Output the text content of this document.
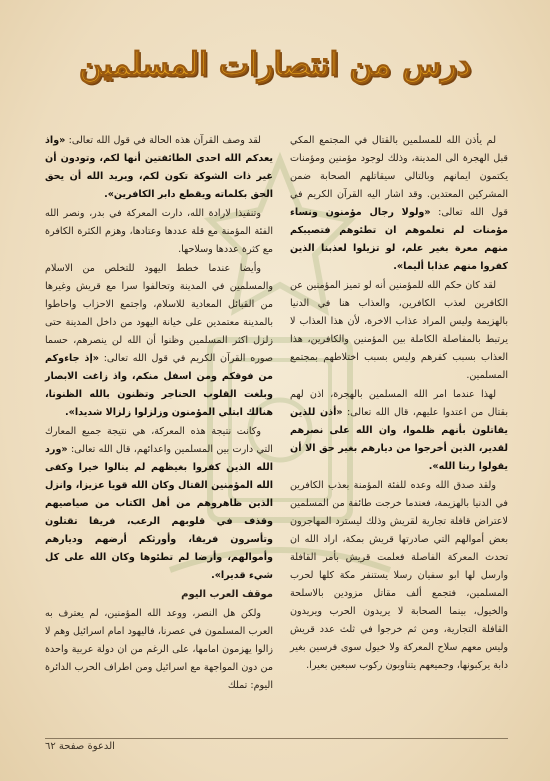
درس من انتصارات المسلمين

لم يأذن الله للمسلمين بالقتال في المجتمع المكي قبل الهجرة الى المدينة، وذلك لوجود مؤمنين ومؤمنات يكتمون ايمانهم وبالتالي سيقاتلهم الصحابة ضمن المشركين المعتدين. وقد اشار اليه القرآن الكريم في قول الله تعالى: «ولولا رجال مؤمنون ونساء مؤمنات لم تعلموهم ان تطئوهم فتصيبكم منهم معرة بغير علم، لو تزيلوا لعذبنا الذين كفروا منهم عذابا أليما».

لقد كان حكم الله للمؤمنين أنه لو تميز المؤمنين عن الكافرين لعذب الكافرين، والعذاب هنا في الدنيا بالهزيمة وليس المراد عذاب الاخرة، لأن هذا العذاب لا يرتبط بالمفاصلة الكاملة بين المؤمنين والكافرين، هذا العذاب بسبب كفرهم وليس بسبب اختلاطهم بمجتمع المسلمين.

لهذا عندما امر الله المسلمين بالهجرة، اذن لهم بقتال من اعتدوا عليهم، قال الله تعالى: «أذن للذين يقاتلون بأنهم ظلموا، وان الله على نصرهم لقدير، الذين أخرجوا من ديارهم بغير حق الا أن يقولوا ربنا الله».

ولقد صدق الله وعده للفئة المؤمنة بعذب الكافرين في الدنيا بالهزيمة، فعندما خرجت طائفة من المسلمين لاعتراض قافلة تجارية لقريش وذلك ليسترد المهاجرون بعض أموالهم التي صادرتها قريش بمكة، اراد الله ان تحدث المعركة الفاصلة فعلمت قريش بأمر القافلة وارسل لها ابو سفيان رسلا يستنفر مكة كلها لحرب المسلمين، فتجمع ألف مقاتل مزودين بالاسلحة والخيول، بينما الصحابة لا يريدون الحرب ويريدون القافلة التجارية، ومن ثم خرجوا في ثلث عدد قريش وليس معهم سلاح المعركة ولا خيول سوى فرسين بغير دابة يركبونها، وجميعهم يتناوبون ركوب سبعين بعيرا.

لقد وصف القرآن هذه الحالة في قول الله تعالى: «واذ يعدكم الله احدى الطائفتين أنها لكم، وتودون أن غير ذات الشوكة تكون لكم، ويريد الله أن يحق الحق بكلماته ويقطع دابر الكافرين».

وتنفيذا لارادة الله، دارت المعركة في بدر، ونصر الله الفئة المؤمنة مع قلة عددها وعتادها، وهزم الكثرة الكافرة مع كثرة عددها وسلاحها.

وأيضا عندما خطط اليهود للتخلص من الاسلام والمسلمين في المدينة وتحالفوا سرا مع قريش وغيرها من القبائل المعادية للاسلام، واجتمع الاحزاب واحاطوا بالمدينة معتمدين على خيانة اليهود من داخل المدينة حتى زلزل اكثر المسلمين وظنوا أن الله لن ينصرهم، حسما صوره القرآن الكريم في قول الله تعالى: «إذ جاءوكم من فوقكم ومن اسفل منكم، واذ زاغت الابصار وبلغت القلوب الحناجر وتظنون بالله الظنونا، هنالك ابتلي المؤمنون وزلزلوا زلزالا شديدا».

وكانت نتيجة هذه المعركة، هي نتيجة جميع المعارك التي دارت بين المسلمين واعدائهم، قال الله تعالى: «ورد الله الذين كفروا بغيظهم لم ينالوا خيرا وكفى الله المؤمنين القتال وكان الله قويا عزيزا، وانزل الذين ظاهروهم من أهل الكتاب من صياصيهم وقذف في قلوبهم الرعب، فريقا تقتلون وتأسرون فريقا، وأورثكم أرضهم وديارهم وأموالهم، وأرضا لم تطئوها وكان الله على كل شيء قديرا».

موقف العرب اليوم

ولكن هل النصر، ووعد الله المؤمنين، لم يعترف به العرب المسلمون في عصرنا، فاليهود امام اسرائيل وهم لا زالوا يهزمون امامها، على الرغم من ان دولة عربية واحدة من دون المواجهة مع اسرائيل ومن اطراف الحرب الدائرة اليوم: تملك

الدعوة صفحة ٦٢
